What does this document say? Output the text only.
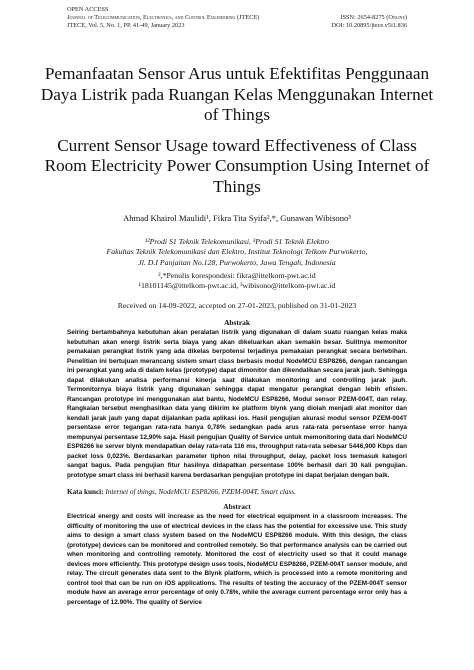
OPEN ACCESS
Journal of Telecommunication, Electronics, and Control Engineering (JTECE)	ISSN: 2654-8275 (Online)
JTECE, Vol. 5, No. 1, PP. 41-49, January 2023	DOI: 10.20895/jtece.v5i1.836
Pemanfaatan Sensor Arus untuk Efektifitas Penggunaan Daya Listrik pada Ruangan Kelas Menggunakan Internet of Things
Current Sensor Usage toward Effectiveness of Class Room Electricity Power Consumption Using Internet of Things
Ahmad Khairol Maulidi¹, Fikra Tita Syifa²,*, Gunawan Wibisono³
¹²Prodi S1 Teknik Telekomunikasi, ³Prodi S1 Teknik Elektro
Fakultas Teknik Telekomunikasi dan Elektro, Institut Teknologi Telkom Purwokerto,
Jl. D.I Panjaitan No.128, Purwokerto, Jawa Tengah, Indonesia
²,*Penulis korespondesi: fikra@ittelkom-pwt.ac.id
¹18101145@ittelkom-pwt.ac.id, ³wibisono@ittelkom-pwt.ac.id
Received on 14-09-2022, accepted on 27-01-2023, published on 31-01-2023
Abstrak
Seiring bertambahnya kebutuhan akan peralatan listrik yang digunakan di dalam suatu ruangan kelas maka kebutuhan akan energi listrik serta biaya yang akan dikeluarkan akan semakin besar. Sulitnya memonitor pemakaian perangkat listrik yang ada dikelas berpotensi terjadinya pemakaian perangkat secara berlebihan. Penelitian ini bertujuan merancang sistem smart class berbasis modul NodeMCU ESP8266, dengan rancangan ini perangkat yang ada di dalam kelas (prototype) dapat dimonitor dan dikendalikan secara jarak jauh. Sehingga dapat dilakukan analisa performansi kinerja saat dilakukan monitoring and controlling jarak jauh. Termonitornya biaya listrik yang digunakan sehingga dapat mengatur perangkat dengan lebih efisien. Rancangan prototype ini menggunakan alat bantu, NodeMCU ESP8266, Modul sensor PZEM-004T, dan relay. Rangkaian tersebut menghasilkan data yang dikirim ke platform blynk yang diolah menjadi alat monitor dan kendali jarak jauh yang dapat dijalankan pada aplikasi ios. Hasil pengujian akurasi modul sensor PZEM-004T persentase error tegangan rata-rata hanya 0,78% sedangkan pada arus rata-rata persentase error hanya mempunyai persentase 12,90% saja. Hasil pengujian Quality of Service untuk memonitoring data dari NodeMCU ESP8266 ke server blynk mendapatkan delay rata-rata 116 ms, throughput rata-rata sebesar 5446,900 Kbps dan packet loss 0,023%. Berdasarkan parameter tiphon nilai throughput, delay, packet loss termasuk kategori sangat bagus. Pada pengujian fitur hasilnya didapatkan persentase 100% berhasil dari 30 kali pengujian. prototype smart class ini berhasil karena berdasarkan pengujian prototype ini dapat berjalan dengan baik.
Kata kunci: Internet of things, NodeMCU ESP8266, PZEM-004T, Smart class.
Abstract
Electrical energy and costs will increase as the need for electrical equipment in a classroom increases. The difficulty of monitoring the use of electrical devices in the class has the potential for excessive use. This study aims to design a smart class system based on the NodeMCU ESP8266 module. With this design, the class (prototype) devices can be monitored and controlled remotely. So that performance analysis can be carried out when monitoring and controlling remotely. Monitored the cost of electricity used so that it could manage devices more efficiently. This prototype design uses tools, NodeMCU ESP8266, PZEM-004T sensor module, and relay. The circuit generates data sent to the Blynk platform, which is processed into a remote monitoring and control tool that can be run on iOS applications. The results of testing the accuracy of the PZEM-004T sensor module have an average error percentage of only 0.78%, while the average current percentage error only has a percentage of 12.90%. The quality of Service
